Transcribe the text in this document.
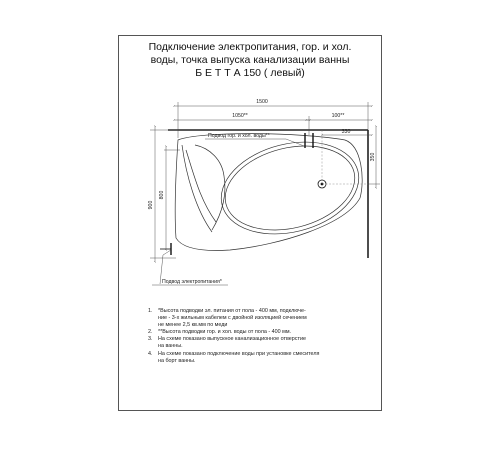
Подключение электропитания, гор. и хол.
воды, точка выпуска канализации ванны
Б Е Т Т А 150 ( левый)
1500
1050**	100**
330
350
900
800
Подвод гор. и хол. воды**
Подвод электропитания*
1.	*Высота подводки эл. питания от пола - 400 мм, подключе-
ние - 3-х жильным кабелем с двойной изоляцией сечением
не менее 2,5 кв.мм по меди
2.	**Высота подводки гор. и хол. воды от пола - 400 мм.
3.	На схеме показано выпускное канализационное отверстие
на ванны.
4.	На схеме показано подключение воды при установке смесителя
на борт ванны.
